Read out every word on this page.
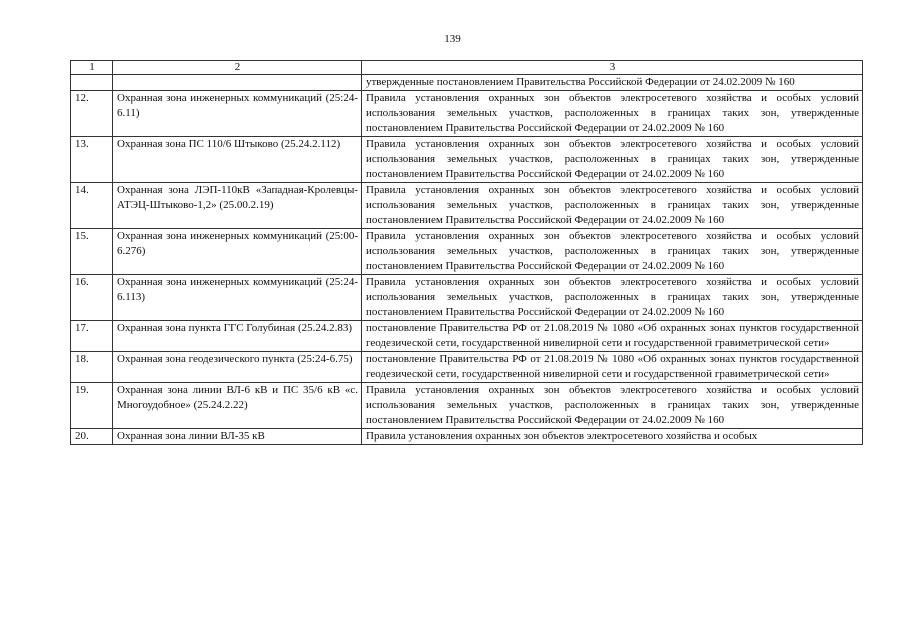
139
1	2	3
		утвержденные постановлением Правительства Российской Федерации от 24.02.2009 № 160
12.	Охранная зона инженерных коммуникаций (25:24-6.11)	Правила установления охранных зон объектов электросетевого хозяйства и особых условий использования земельных участков, расположенных в границах таких зон, утвержденные постановлением Правительства Российской Федерации от 24.02.2009 № 160
13.	Охранная зона ПС 110/6 Штыково (25.24.2.112)	Правила установления охранных зон объектов электросетевого хозяйства и особых условий использования земельных участков, расположенных в границах таких зон, утвержденные постановлением Правительства Российской Федерации от 24.02.2009 № 160
14.	Охранная зона ЛЭП-110кВ «Западная-Кролевцы-АТЭЦ-Штыково-1,2» (25.00.2.19)	Правила установления охранных зон объектов электросетевого хозяйства и особых условий использования земельных участков, расположенных в границах таких зон, утвержденные постановлением Правительства Российской Федерации от 24.02.2009 № 160
15.	Охранная зона инженерных коммуникаций (25:00-6.276)	Правила установления охранных зон объектов электросетевого хозяйства и особых условий использования земельных участков, расположенных в границах таких зон, утвержденные постановлением Правительства Российской Федерации от 24.02.2009 № 160
16.	Охранная зона инженерных коммуникаций (25:24-6.113)	Правила установления охранных зон объектов электросетевого хозяйства и особых условий использования земельных участков, расположенных в границах таких зон, утвержденные постановлением Правительства Российской Федерации от 24.02.2009 № 160
17.	Охранная зона пункта ГГС Голубиная (25.24.2.83)	постановление Правительства РФ от 21.08.2019 № 1080 «Об охранных зонах пунктов государственной геодезической сети, государственной нивелирной сети и государственной гравиметрической сети»
18.	Охранная зона геодезического пункта (25:24-6.75)	постановление Правительства РФ от 21.08.2019 № 1080 «Об охранных зонах пунктов государственной геодезической сети, государственной нивелирной сети и государственной гравиметрической сети»
19.	Охранная зона линии ВЛ-6 кВ и ПС 35/6 кВ «с. Многоудобное» (25.24.2.22)	Правила установления охранных зон объектов электросетевого хозяйства и особых условий использования земельных участков, расположенных в границах таких зон, утвержденные постановлением Правительства Российской Федерации от 24.02.2009 № 160
20.	Охранная зона линии ВЛ-35 кВ	Правила установления охранных зон объектов электросетевого хозяйства и особых
